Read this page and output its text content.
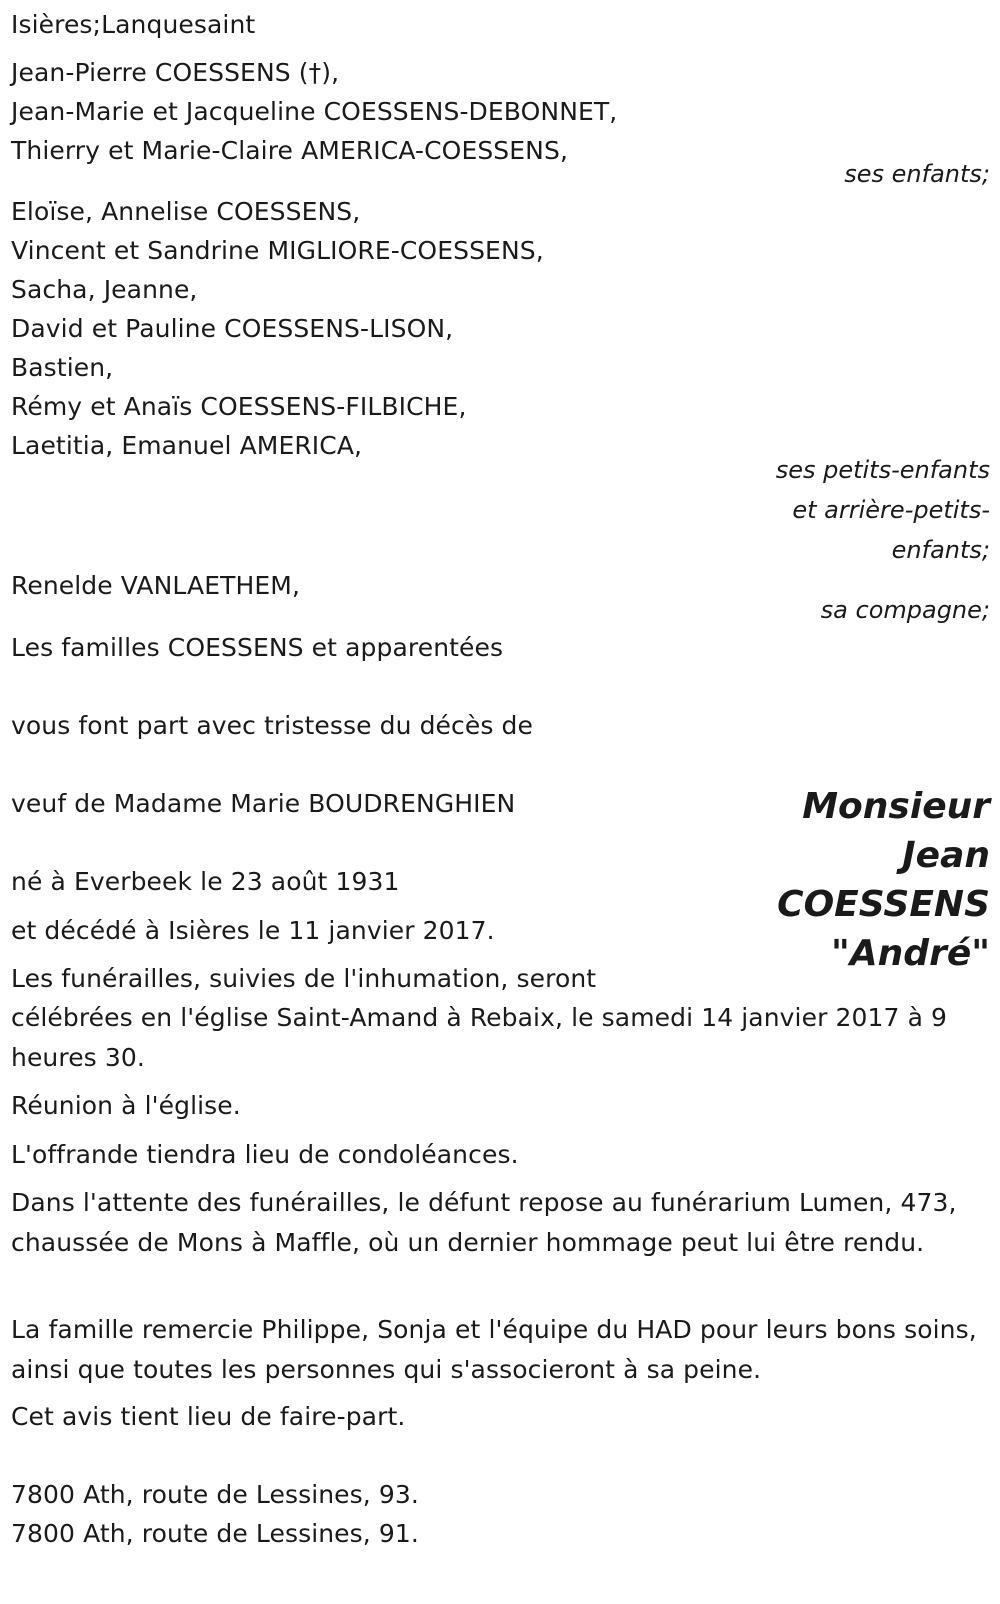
Isières;Lanquesaint
Jean-Pierre COESSENS (†),
Jean-Marie et Jacqueline COESSENS-DEBONNET,
Thierry et Marie-Claire AMERICA-COESSENS,
ses enfants;
Eloïse, Annelise COESSENS,
Vincent et Sandrine MIGLIORE-COESSENS,
Sacha, Jeanne,
David et Pauline COESSENS-LISON,
Bastien,
Rémy et Anaïs COESSENS-FILBICHE,
Laetitia, Emanuel AMERICA,
ses petits-enfants et arrière-petits-enfants;
Renelde VANLAETHEM,
sa compagne;
Les familles COESSENS et apparentées
vous font part avec tristesse du décès de
Monsieur
Jean
COESSENS
"André"
veuf de Madame Marie BOUDRENGHIEN
né à Everbeek le 23 août 1931
et décédé à Isières le 11 janvier 2017.
Les funérailles, suivies de l'inhumation, seront
célébrées en l'église Saint-Amand à Rebaix, le samedi 14 janvier 2017 à 9 heures 30.
Réunion à l'église.
L'offrande tiendra lieu de condoléances.
Dans l'attente des funérailles, le défunt repose au funérarium Lumen, 473, chaussée de Mons à Maffle, où un dernier hommage peut lui être rendu.
La famille remercie Philippe, Sonja et l'équipe du HAD pour leurs bons soins, ainsi que toutes les personnes qui s'associeront à sa peine.
Cet avis tient lieu de faire-part.
7800 Ath, route de Lessines, 93.
7800 Ath, route de Lessines, 91.
